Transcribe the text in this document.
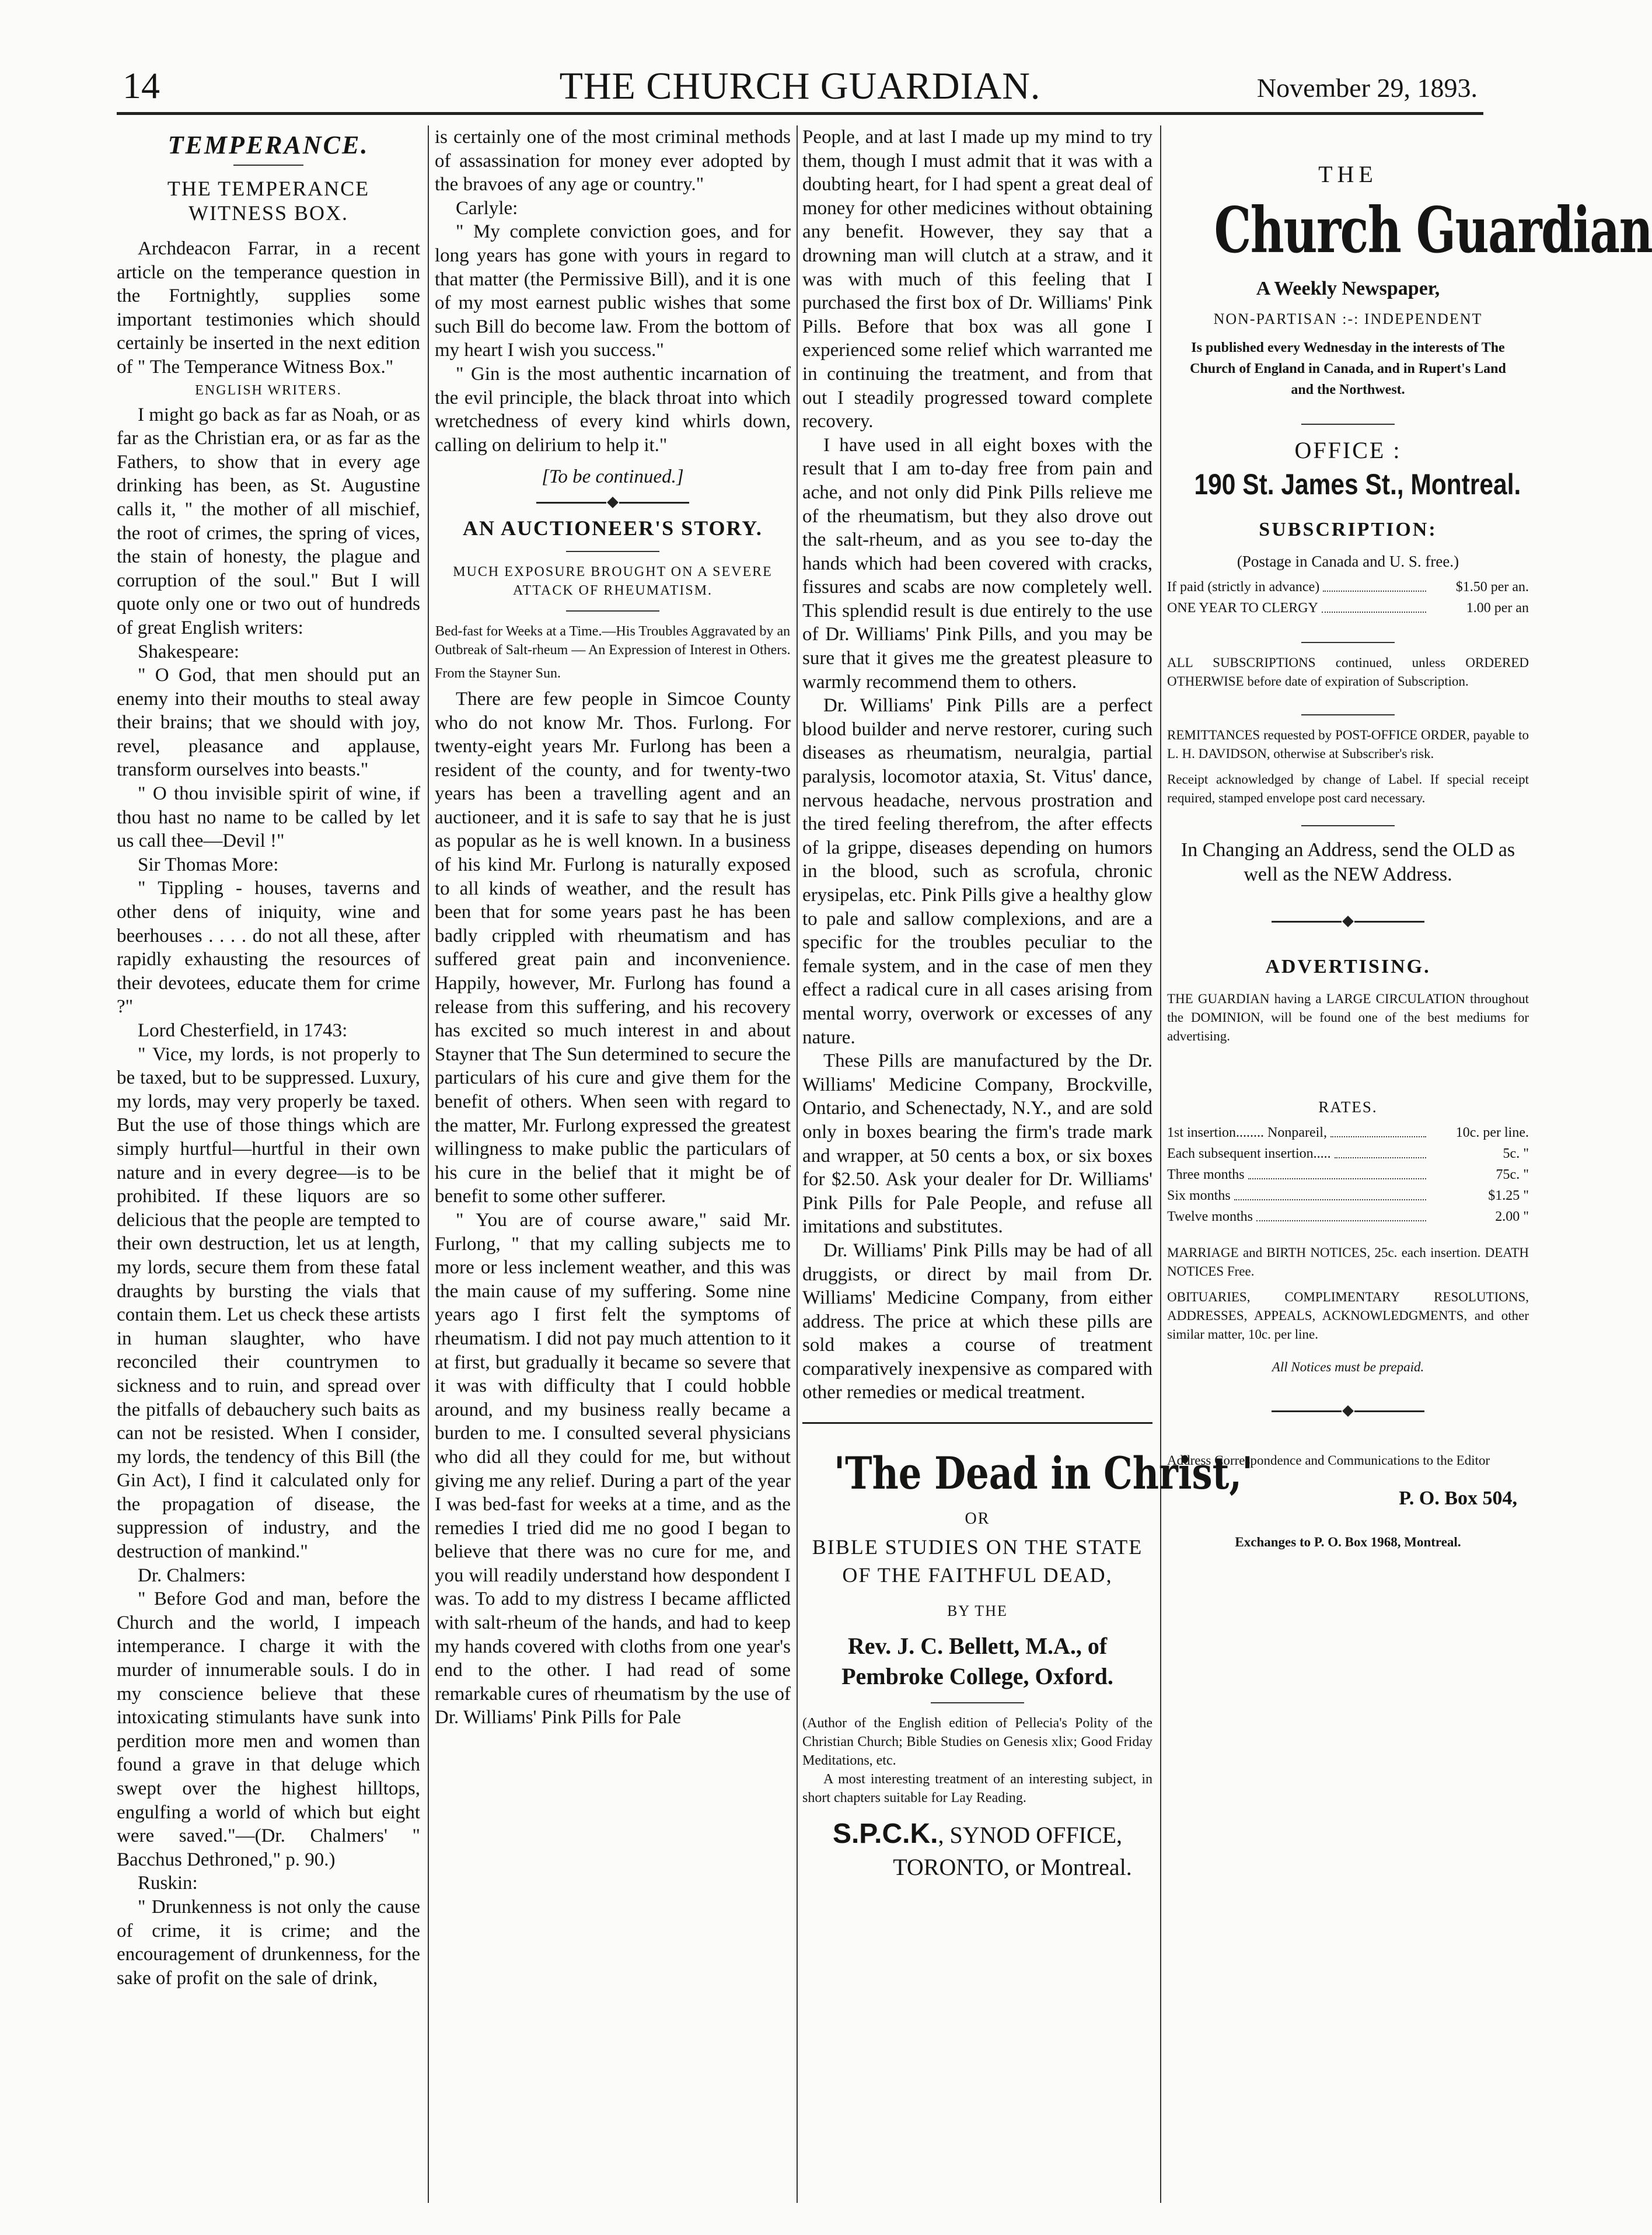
14	THE CHURCH GUARDIAN.	November 29, 1893.
TEMPERANCE.
THE TEMPERANCE WITNESS BOX.

Archdeacon Farrar, in a recent article on the temperance question in the Fortnightly, supplies some important testimonies which should certainly be inserted in the next edition of " The Temperance Witness Box."

ENGLISH WRITERS.

I might go back as far as Noah, or as far as the Christian era, or as far as the Fathers, to show that in every age drinking has been, as St. Augustine calls it, " the mother of all mischief, the root of crimes, the spring of vices, the stain of honesty, the plague and corruption of the soul." But I will quote only one or two out of hundreds of great English writers:

Shakespeare:

" O God, that men should put an enemy into their mouths to steal away their brains; that we should with joy, revel, pleasance and applause, transform ourselves into beasts."

" O thou invisible spirit of wine, if thou hast no name to be called by let us call thee—Devil !"

Sir Thomas More:

" Tippling - houses, taverns and other dens of iniquity, wine and beerhouses . . . . do not all these, after rapidly exhausting the resources of their devotees, educate them for crime ?"

Lord Chesterfield, in 1743:

" Vice, my lords, is not properly to be taxed, but to be suppressed. Luxury, my lords, may very properly be taxed. But the use of those things which are simply hurtful—hurtful in their own nature and in every degree—is to be prohibited. If these liquors are so delicious that the people are tempted to their own destruction, let us at length, my lords, secure them from these fatal draughts by bursting the vials that contain them. Let us check these artists in human slaughter, who have reconciled their countrymen to sickness and to ruin, and spread over the pitfalls of debauchery such baits as can not be resisted. When I consider, my lords, the tendency of this Bill (the Gin Act), I find it calculated only for the propagation of disease, the suppression of industry, and the destruction of mankind."

Dr. Chalmers:

" Before God and man, before the Church and the world, I impeach intemperance. I charge it with the murder of innumerable souls. I do in my conscience believe that these intoxicating stimulants have sunk into perdition more men and women than found a grave in that deluge which swept over the highest hilltops, engulfing a world of which but eight were saved."—(Dr. Chalmers' " Bacchus Dethroned," p. 90.)

Ruskin:

" Drunkenness is not only the cause of crime, it is crime; and the encouragement of drunkenness, for the sake of profit on the sale of drink,

is certainly one of the most criminal methods of assassination for money ever adopted by the bravoes of any age or country."

Carlyle:

" My complete conviction goes, and for long years has gone with yours in regard to that matter (the Permissive Bill), and it is one of my most earnest public wishes that some such Bill do become law. From the bottom of my heart I wish you success."

" Gin is the most authentic incarnation of the evil principle, the black throat into which wretchedness of every kind whirls down, calling on delirium to help it."

[To be continued.]

AN AUCTIONEER'S STORY.
MUCH EXPOSURE BROUGHT ON A SEVERE ATTACK OF RHEUMATISM.

Bed-fast for Weeks at a Time.—His Troubles Aggravated by an Outbreak of Salt-rheum — An Expression of Interest in Others.

From the Stayner Sun.

There are few people in Simcoe County who do not know Mr. Thos. Furlong. For twenty-eight years Mr. Furlong has been a resident of the county, and for twenty-two years has been a travelling agent and an auctioneer, and it is safe to say that he is just as popular as he is well known. In a business of his kind Mr. Furlong is naturally exposed to all kinds of weather, and the result has been that for some years past he has been badly crippled with rheumatism and has suffered great pain and inconvenience. Happily, however, Mr. Furlong has found a release from this suffering, and his recovery has excited so much interest in and about Stayner that The Sun determined to secure the particulars of his cure and give them for the benefit of others. When seen with regard to the matter, Mr. Furlong expressed the greatest willingness to make public the particulars of his cure in the belief that it might be of benefit to some other sufferer.

" You are of course aware," said Mr. Furlong, " that my calling subjects me to more or less inclement weather, and this was the main cause of my suffering. Some nine years ago I first felt the symptoms of rheumatism. I did not pay much attention to it at first, but gradually it became so severe that it was with difficulty that I could hobble around, and my business really became a burden to me. I consulted several physicians who did all they could for me, but without giving me any relief. During a part of the year I was bed-fast for weeks at a time, and as the remedies I tried did me no good I began to believe that there was no cure for me, and you will readily understand how despondent I was. To add to my distress I became afflicted with salt-rheum of the hands, and had to keep my hands covered with cloths from one year's end to the other. I had read of some remarkable cures of rheumatism by the use of Dr. Williams' Pink Pills for Pale

People, and at last I made up my mind to try them, though I must admit that it was with a doubting heart, for I had spent a great deal of money for other medicines without obtaining any benefit. However, they say that a drowning man will clutch at a straw, and it was with much of this feeling that I purchased the first box of Dr. Williams' Pink Pills. Before that box was all gone I experienced some relief which warranted me in continuing the treatment, and from that out I steadily progressed toward complete recovery.

I have used in all eight boxes with the result that I am to-day free from pain and ache, and not only did Pink Pills relieve me of the rheumatism, but they also drove out the salt-rheum, and as you see to-day the hands which had been covered with cracks, fissures and scabs are now completely well. This splendid result is due entirely to the use of Dr. Williams' Pink Pills, and you may be sure that it gives me the greatest pleasure to warmly recommend them to others.

Dr. Williams' Pink Pills are a perfect blood builder and nerve restorer, curing such diseases as rheumatism, neuralgia, partial paralysis, locomotor ataxia, St. Vitus' dance, nervous headache, nervous prostration and the tired feeling therefrom, the after effects of la grippe, diseases depending on humors in the blood, such as scrofula, chronic erysipelas, etc. Pink Pills give a healthy glow to pale and sallow complexions, and are a specific for the troubles peculiar to the female system, and in the case of men they effect a radical cure in all cases arising from mental worry, overwork or excesses of any nature.

These Pills are manufactured by the Dr. Williams' Medicine Company, Brockville, Ontario, and Schenectady, N.Y., and are sold only in boxes bearing the firm's trade mark and wrapper, at 50 cents a box, or six boxes for $2.50. Ask your dealer for Dr. Williams' Pink Pills for Pale People, and refuse all imitations and substitutes.

Dr. Williams' Pink Pills may be had of all druggists, or direct by mail from Dr. Williams' Medicine Company, from either address. The price at which these pills are sold makes a course of treatment comparatively inexpensive as compared with other remedies or medical treatment.

'The Dead in Christ,'
OR
BIBLE STUDIES ON THE STATE
OF THE FAITHFUL DEAD,
BY THE
Rev. J. C. Bellett, M.A., of Pembroke College, Oxford.

(Author of the English edition of Pellecia's Polity of the Christian Church; Bible Studies on Genesis xlix; Good Friday Meditations, etc.

A most interesting treatment of an interesting subject, in short chapters suitable for Lay Reading.

S.P.C.K., SYNOD OFFICE,
TORONTO, or Montreal.
THE
Church Guardian
A Weekly Newspaper,
NON-PARTISAN :-: INDEPENDENT
Is published every Wednesday in the interests of The Church of England in Canada, and in Rupert's Land and the Northwest.
OFFICE :
190 St. James St., Montreal.
SUBSCRIPTION:
(Postage in Canada and U. S. free.)
If paid (strictly in advance)	$1.50 per an.
ONE YEAR TO CLERGY	1.00 per an

ALL SUBSCRIPTIONS continued, unless ORDERED OTHERWISE before date of expiration of Subscription.

REMITTANCES requested by POST-OFFICE ORDER, payable to L. H. DAVIDSON, otherwise at Subscriber's risk.

Receipt acknowledged by change of Label. If special receipt required, stamped envelope post card necessary.

In Changing an Address, send the OLD as well as the NEW Address.

ADVERTISING.

THE GUARDIAN having a LARGE CIRCULATION throughout the DOMINION, will be found one of the best mediums for advertising.

RATES.
1st insertion........ Nonpareil,	10c. per line.
Each subsequent insertion.....	5c. "
Three months	75c. "
Six months	$1.25 "
Twelve months	2.00 "

MARRIAGE and BIRTH NOTICES, 25c. each insertion. DEATH NOTICES Free.

OBITUARIES, COMPLIMENTARY RESOLUTIONS, ADDRESSES, APPEALS, ACKNOWLEDGMENTS, and other similar matter, 10c. per line.

All Notices must be prepaid.

Address Correspondence and Communications to the Editor

P. O. Box 504,

Exchanges to P. O. Box 1968, Montreal.
